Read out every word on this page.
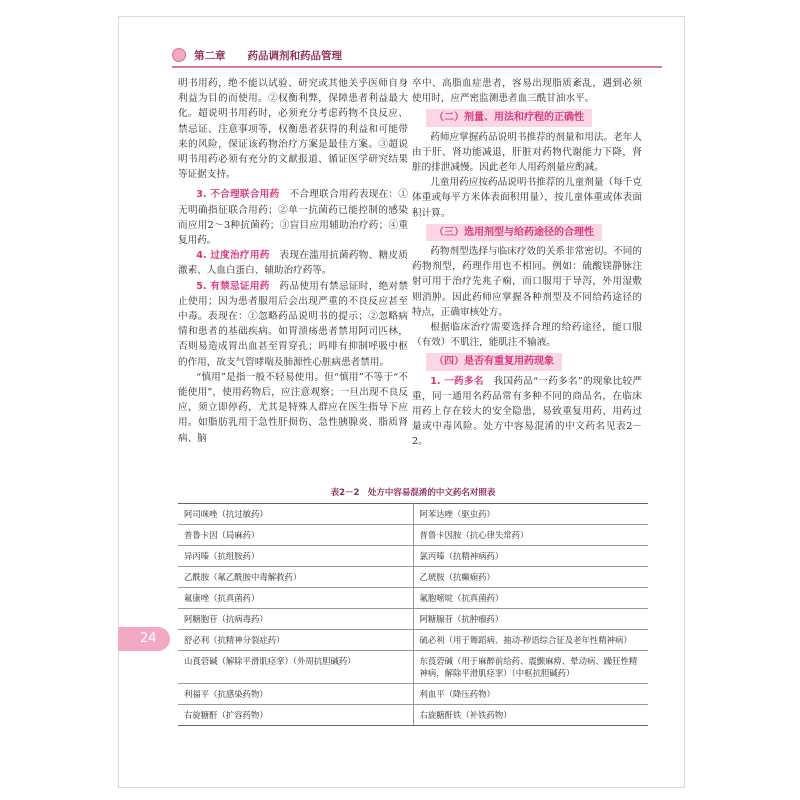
第二章 药品调剂和药品管理

明书用药，绝不能以试验、研究或其他关乎医师自身利益为目的而使用。②权衡利弊，保障患者利益最大化。超说明书用药时，必须充分考虑药物不良反应、禁忌证、注意事项等，权衡患者获得的利益和可能带来的风险，保证该药物治疗方案是最佳方案。③超说明书用药必须有充分的文献报道、循证医学研究结果等证据支持。

3. 不合理联合用药　 不合理联合用药表现在：①无明确指征联合用药；②单一抗菌药已能控制的感染而应用2～3种抗菌药；③盲目应用辅助治疗药；④重复用药。

4. 过度治疗用药　 表现在滥用抗菌药物、糖皮质激素、人血白蛋白、辅助治疗药等。

5. 有禁忌证用药　 药品使用有禁忌证时，绝对禁止使用；因为患者服用后会出现严重的不良反应甚至中毒。表现在：①忽略药品说明书的提示；②忽略病情和患者的基础疾病。如胃溃疡患者禁用阿司匹林，否则易造成胃出血甚至胃穿孔；吗啡有抑制呼吸中枢的作用，故支气管哮喘及肺源性心脏病患者禁用。

“慎用”是指一般不轻易使用。但“慎用”不等于“不能使用”，使用药物后，应注意观察；一旦出现不良反应，须立即停药，尤其是特殊人群应在医生指导下应用。如脂肪乳用于急性肝损伤、急性胰腺炎、脂质肾病、脑

卒中、高脂血症患者，容易出现脂质紊乱，遇到必须使用时，应严密监测患者血三酰甘油水平。

（二）剂量、用法和疗程的正确性

药师应掌握药品说明书推荐的剂量和用法。老年人由于肝、肾功能减退，肝脏对药物代谢能力下降，肾脏的排泄减慢。因此老年人用药剂量应酌减。

儿童用药应按药品说明书推荐的儿童剂量（每千克体重或每平方米体表面积用量），按儿童体重或体表面积计算。

（三）选用剂型与给药途径的合理性

药物剂型选择与临床疗效的关系非常密切。不同的药物剂型，药理作用也不相同。例如：硫酸镁静脉注射可用于治疗先兆子痫，而口服用于导泻，外用湿敷则消肿。因此药师应掌握各种剂型及不同给药途径的特点，正确审核处方。

根据临床治疗需要选择合理的给药途径，能口服（有效）不肌注，能肌注不输液。

（四）是否有重复用药现象

1. 一药多名　 我国药品“一药多名”的现象比较严重，同一通用名药品常有多种不同的商品名，在临床用药上存在较大的安全隐患，易致重复用药、用药过量或中毒风险。处方中容易混淆的中文药名见表2－2。

表2－2　处方中容易混淆的中文药名对照表
阿司咪唑（抗过敏药）	阿苯达唑（驱虫药）
普鲁卡因（局麻药）	普鲁卡因胺（抗心律失常药）
异丙嗪（抗组胺药）	氯丙嗪（抗精神病药）
乙酰胺（氟乙酰胺中毒解救药）	乙琥胺（抗癫痫药）
氟康唑（抗真菌药）	氟胞嘧啶（抗真菌药）
阿糖胞苷（抗病毒药）	阿糖腺苷（抗肿瘤药）
舒必利（抗精神分裂症药）	硫必利（用于舞蹈病、抽动-秽语综合征及老年性精神病）
山莨菪碱（解除平滑肌痉挛）（外周抗胆碱药）	东莨菪碱（用于麻醉前给药、震颤麻痹、晕动病、躁狂性精神病，解除平滑肌痉挛）（中枢抗胆碱药）
利福平（抗感染药物）	利血平（降压药物）
右旋糖酐（扩容药物）	右旋糖酐铁（补铁药物）
24
